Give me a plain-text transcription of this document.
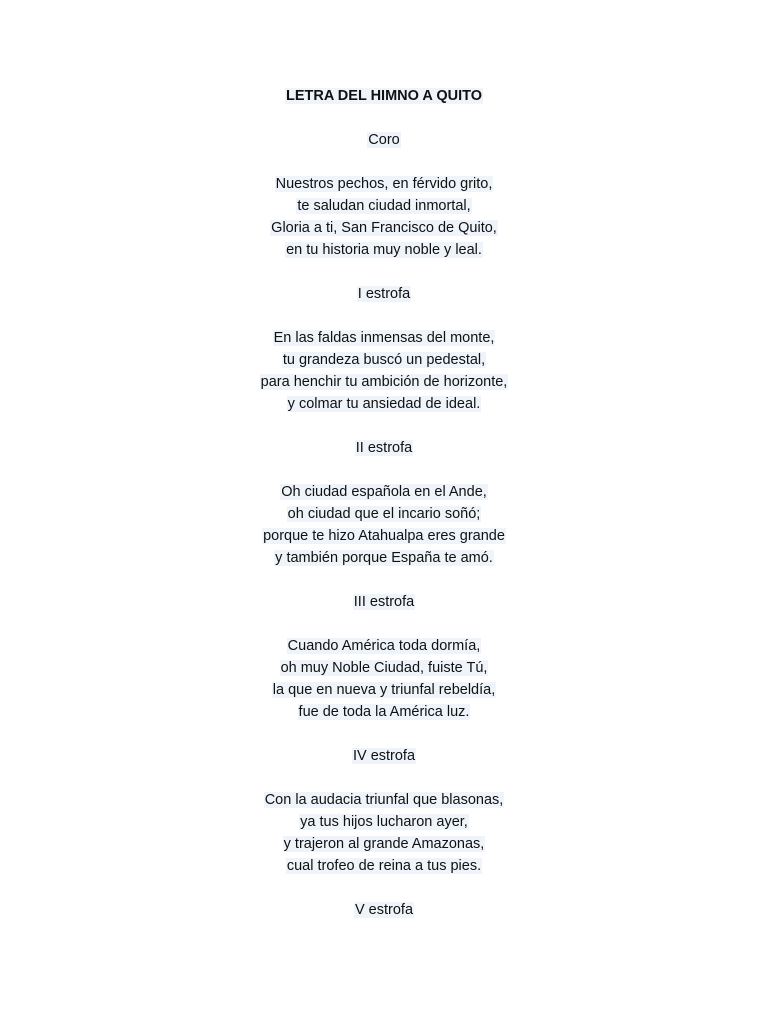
LETRA DEL HIMNO A QUITO
Coro
Nuestros pechos, en férvido grito,
te saludan ciudad inmortal,
Gloria a ti, San Francisco de Quito,
en tu historia muy noble y leal.
I estrofa
En las faldas inmensas del monte,
tu grandeza buscó un pedestal,
para henchir tu ambición de horizonte,
y colmar tu ansiedad de ideal.
II estrofa
Oh ciudad española en el Ande,
oh ciudad que el incario soñó;
porque te hizo Atahualpa eres grande
y también porque España te amó.
III estrofa
Cuando América toda dormía,
oh muy Noble Ciudad, fuiste Tú,
la que en nueva y triunfal rebeldía,
fue de toda la América luz.
IV estrofa
Con la audacia triunfal que blasonas,
ya tus hijos lucharon ayer,
y trajeron al grande Amazonas,
cual trofeo de reina a tus pies.
V estrofa
